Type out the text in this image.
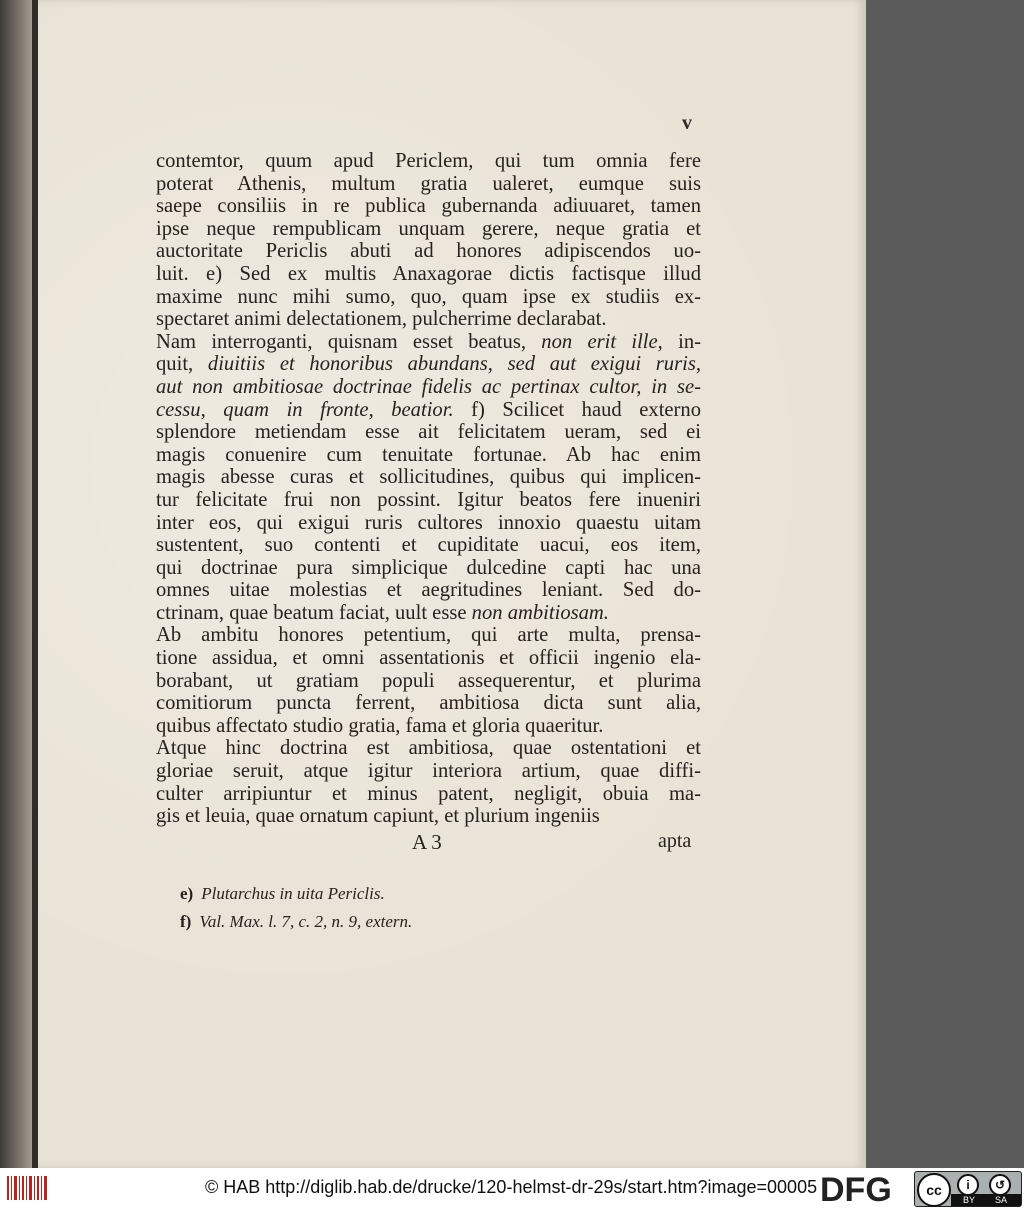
v

contemtor, quum apud Periclem, qui tum omnia fere
poterat Athenis, multum gratia ualeret, eumque suis
saepe consiliis in re publica gubernanda adiuuaret, tamen
ipse neque rempublicam unquam gerere, neque gratia et
auctoritate Periclis abuti ad honores adipiscendos uo-
luit. e) Sed ex multis Anaxagorae dictis factisque illud
maxime nunc mihi sumo, quo, quam ipse ex studiis ex-
spectaret animi delectationem, pulcherrime declarabat.
Nam interroganti, quisnam esset beatus, non erit ille, in-
quit, diuitiis et honoribus abundans, sed aut exigui ruris,
aut non ambitiosae doctrinae fidelis ac pertinax cultor, in se-
cessu, quam in fronte, beatior. f) Scilicet haud externo
splendore metiendam esse ait felicitatem ueram, sed ei
magis conuenire cum tenuitate fortunae. Ab hac enim
magis abesse curas et sollicitudines, quibus qui implicen-
tur felicitate frui non possint. Igitur beatos fere inueniri
inter eos, qui exigui ruris cultores innoxio quaestu uitam
sustentent, suo contenti et cupiditate uacui, eos item,
qui doctrinae pura simplicique dulcedine capti hac una
omnes uitae molestias et aegritudines leniant. Sed do-
ctrinam, quae beatum faciat, uult esse non ambitiosam.
Ab ambitu honores petentium, qui arte multa, prensa-
tione assidua, et omni assentationis et officii ingenio ela-
borabant, ut gratiam populi assequerentur, et plurima
comitiorum puncta ferrent, ambitiosa dicta sunt alia,
quibus affectato studio gratia, fama et gloria quaeritur.
Atque hinc doctrina est ambitiosa, quae ostentationi et
gloriae seruit, atque igitur interiora artium, quae diffi-
culter arripiuntur et minus patent, negligit, obuia ma-
gis et leuia, quae ornatum capiunt, et plurium ingeniis

A 3	apta
e) Plutarchus in uita Periclis.
f) Val. Max. l. 7, c. 2, n. 9, extern.
© HAB http://diglib.hab.de/drucke/120-helmst-dr-29s/start.htm?image=00005 DFG	cc	i	↺
BY SA
